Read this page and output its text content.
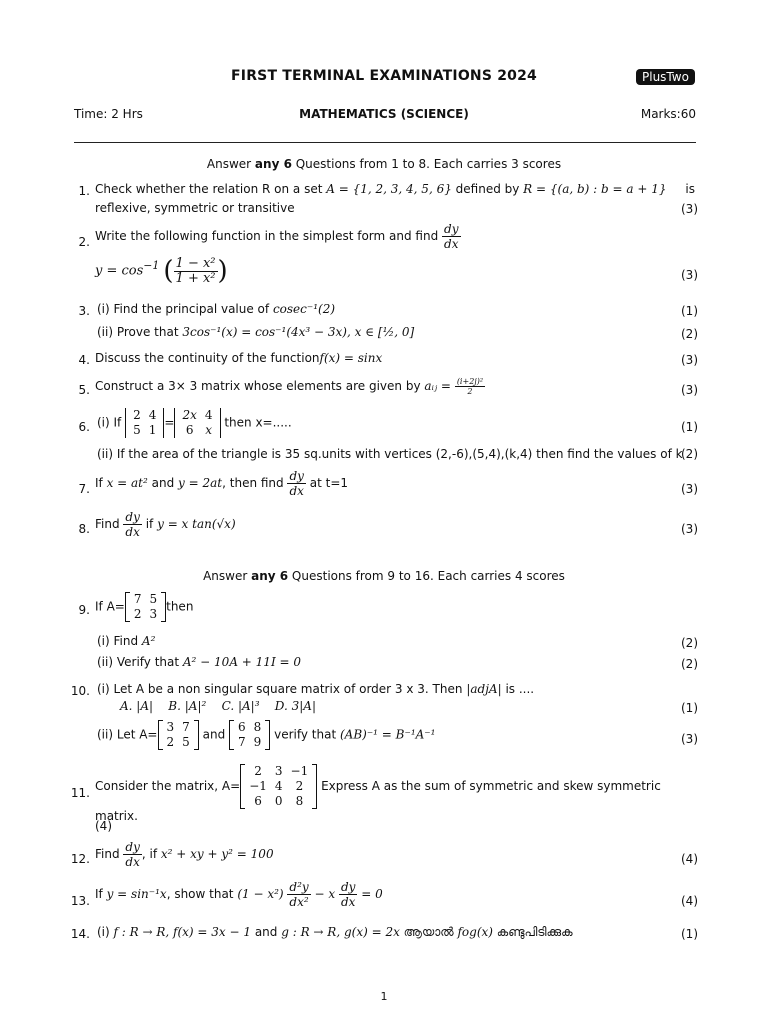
FIRST TERMINAL EXAMINATIONS 2024	PlusTwo
Time: 2 Hrs	MATHEMATICS (SCIENCE)	Marks:60
Answer any 6 Questions from 1 to 8. Each carries 3 scores
1. Check whether the relation R on a set A = {1, 2, 3, 4, 5, 6} defined by R = {(a, b) : b = a + 1} is
reflexive, symmetric or transitive	(3)
2. Write the following function in the simplest form and find $\frac{dy}{dx}$
$y = \cos^{-1}$ ( $\frac{\text{1 − x²}}{\text{1 + x²}}$ )	(3)
3. (i) Find the principal value of cosec⁻¹(2)	(1)
(ii) Prove that 3cos⁻¹(x) = cos⁻¹(4x³ − 3x), x ∈ [½, 0]	(2)
4. Discuss the continuity of the functionf(x) = sinx	(3)
5. Construct a 3× 3 matrix whose elements are given by aᵢⱼ = $\frac{\text{(i+2j)²}}{2}$	(3)
6. (i) If
2	4
5	1
=
2x	4
6	x
then x=.....	(1)
(ii) If the area of the triangle is 35 sq.units with vertices (2,-6),(5,4),(k,4) then find the values of k
(2)
7. If x = at² and y = 2at, then find $\frac{dy}{dx}$ at t=1	(3)
8. Find $\frac{dy}{dx}$ if y = x tan(√x)	(3)
Answer any 6 Questions from 9 to 16. Each carries 4 scores
9. If A=
7	5
2	3
then
(i) Find A²	(2)
(ii) Verify that A² − 10A + 11I = 0	(2)
10. (i) Let A be a non singular square matrix of order 3 x 3. Then |adjA| is ....
A. |A|    B. |A|²    C. |A|³    D. 3|A|	(1)
(ii) Let A=
3	7
2	5
and
6	8
7	9
verify that (AB)⁻¹ = B⁻¹A⁻¹	(3)
11. Consider the matrix, A=
2	3	−1
−1	4	2
6	0	8
Express A as the sum of symmetric and skew symmetric matrix.
(4)
12. Find $\frac{dy}{dx}$ , if x² + xy + y² = 100	(4)
13. If y = sin⁻¹x, show that $(1 - x^2) \frac{\text{d²y}}{\text{dx²}} - x \frac{dy}{dx} = 0$	(4)
14. (i) f : R → R, f(x) = 3x − 1 and g : R → R, g(x) = 2x ആയാൽ fog(x) കണ്ടുപിടിക്കുക	(1)
1
